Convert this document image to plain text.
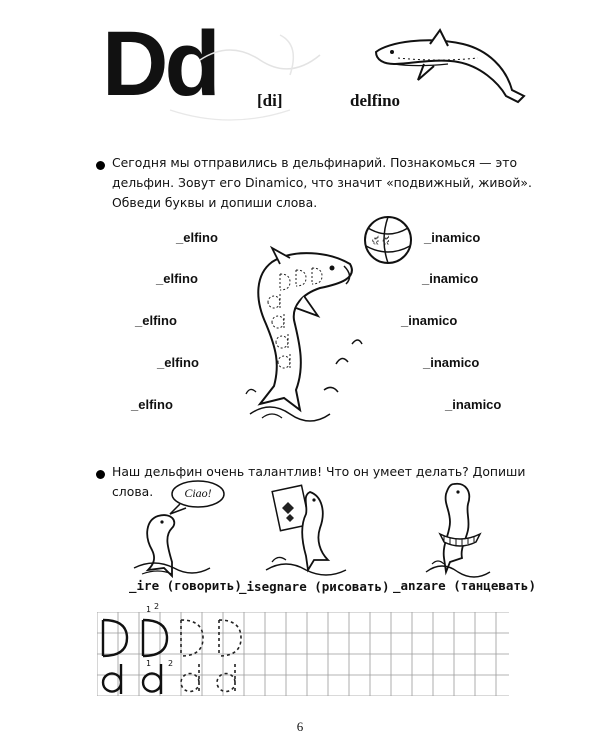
Dd [di]	delfino
Сегодня мы отправились в дельфинарий. Познакомься — это
дельфин. Зовут его Dinamico, что значит «подвижный, живой».
Обведи буквы и допиши слова.
_elfino
_elfino
_elfino
_elfino
_elfino
_inamico
_inamico
_inamico
_inamico
_inamico
d d
Наш дельфин очень талантлив! Что он умеет делать? Допиши
слова.	Ciao!
_ire (говорить)
_isegnare (рисовать) _anzare (танцевать)
1 2
1 2
6
